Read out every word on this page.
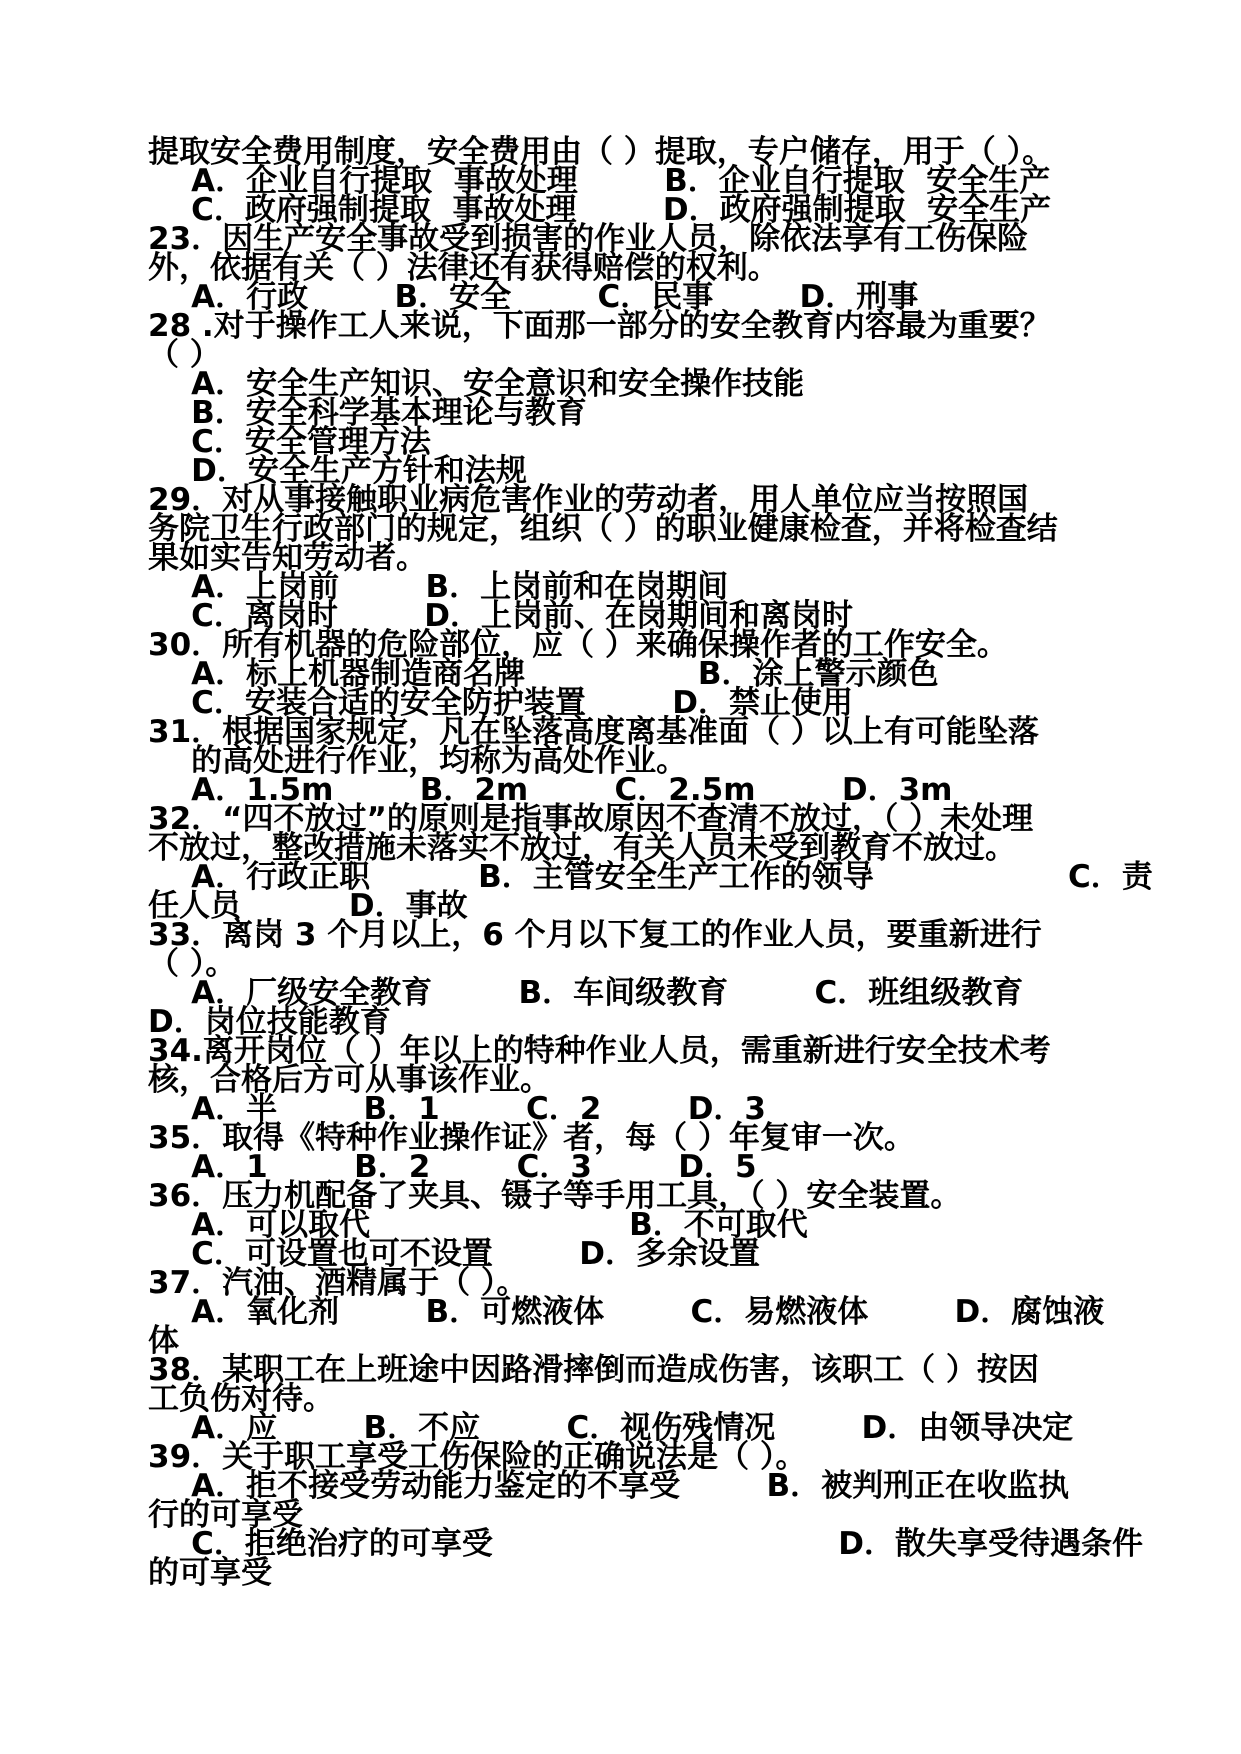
提取安全费用制度，安全费用由（ ）提取，专户储存，用于（ ）。
A．企业自行提取  事故处理        B．企业自行提取  安全生产
C．政府强制提取  事故处理        D．政府强制提取  安全生产
23．因生产安全事故受到损害的作业人员，除依法享有工伤保险
外，依据有关（ ）法律还有获得赔偿的权利。
A．行政        B．安全        C．民事        D．刑事
28 .对于操作工人来说，下面那一部分的安全教育内容最为重要？
（ ）
A．安全生产知识、安全意识和安全操作技能
B．安全科学基本理论与教育
C．安全管理方法
D．安全生产方针和法规
29．对从事接触职业病危害作业的劳动者，用人单位应当按照国
务院卫生行政部门的规定，组织（ ）的职业健康检查，并将检查结
果如实告知劳动者。
A．上岗前        B．上岗前和在岗期间
C．离岗时        D．上岗前、在岗期间和离岗时
30．所有机器的危险部位，应（ ）来确保操作者的工作安全。
A．标上机器制造商名牌                B．涂上警示颜色
C．安装合适的安全防护装置        D．禁止使用
31．根据国家规定，凡在坠落高度离基准面（ ）以上有可能坠落
的高处进行作业，均称为高处作业。
A．1.5m        B．2m        C．2.5m        D．3m
32．“四不放过”的原则是指事故原因不查清不放过，（ ）未处理
不放过，整改措施未落实不放过，有关人员未受到教育不放过。
A．行政正职          B．主管安全生产工作的领导                  C．责
任人员          D．事故
33．离岗 3 个月以上，6 个月以下复工的作业人员，要重新进行
（ ）。
A．厂级安全教育        B．车间级教育        C．班组级教育
D．岗位技能教育
34.离开岗位（ ）年以上的特种作业人员，需重新进行安全技术考
核，合格后方可从事该作业。
A．半        B．1        C．2        D．3
35．取得《特种作业操作证》者，每（ ）年复审一次。
A．1        B．2        C．3        D．5
36．压力机配备了夹具、镊子等手用工具，（ ）安全装置。
A．可以取代                        B．不可取代
C．可设置也可不设置        D．多余设置
37．汽油、酒精属于（ ）。
A．氧化剂        B．可燃液体        C．易燃液体        D．腐蚀液
体
38．某职工在上班途中因路滑摔倒而造成伤害，该职工（ ）按因
工负伤对待。
A．应        B．不应        C．视伤残情况        D．由领导决定
39．关于职工享受工伤保险的正确说法是（ ）。
A．拒不接受劳动能力鉴定的不享受        B．被判刑正在收监执
行的可享受
C．拒绝治疗的可享受                                D．散失享受待遇条件
的可享受
